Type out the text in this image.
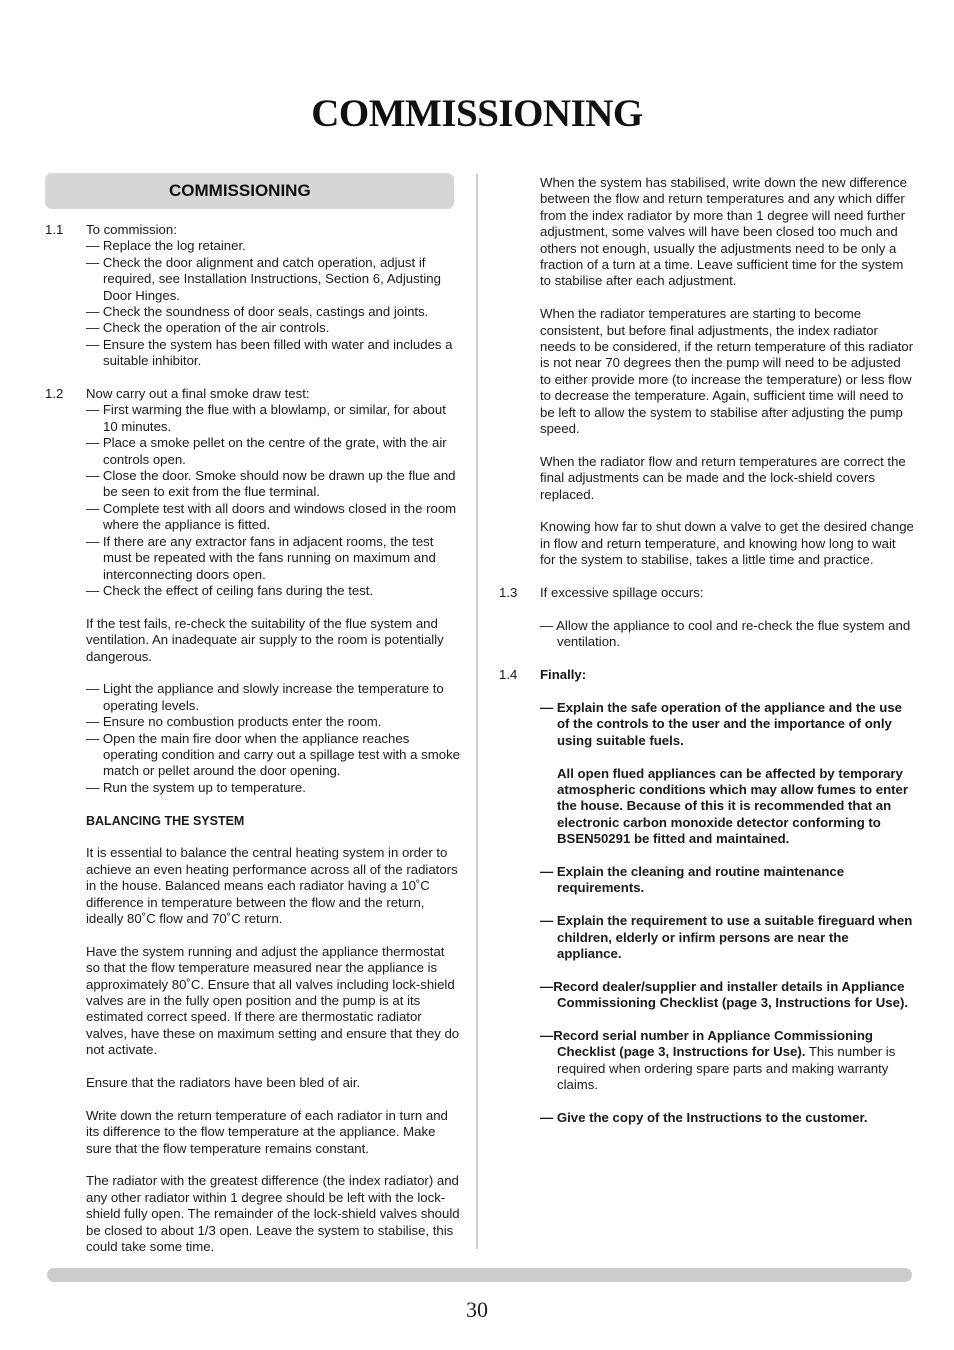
COMMISSIONING
COMMISSIONING
1.1 To commission:

— Replace the log retainer.

— Check the door alignment and catch operation, adjust if required, see Installation Instructions, Section 6, Adjusting Door Hinges.

— Check the soundness of door seals, castings and joints.

— Check the operation of the air controls.

— Ensure the system has been filled with water and includes a suitable inhibitor.

1.2 Now carry out a final smoke draw test:

— First warming the flue with a blowlamp, or similar, for about 10 minutes.

— Place a smoke pellet on the centre of the grate, with the air controls open.

— Close the door. Smoke should now be drawn up the flue and be seen to exit from the flue terminal.

— Complete test with all doors and windows closed in the room where the appliance is fitted.

— If there are any extractor fans in adjacent rooms, the test must be repeated with the fans running on maximum and interconnecting doors open.

— Check the effect of ceiling fans during the test.

If the test fails, re-check the suitability of the flue system and ventilation. An inadequate air supply to the room is potentially dangerous.

— Light the appliance and slowly increase the temperature to operating levels.

— Ensure no combustion products enter the room.

— Open the main fire door when the appliance reaches operating condition and carry out a spillage test with a smoke match or pellet around the door opening.

— Run the system up to temperature.

BALANCING THE SYSTEM

It is essential to balance the central heating system in order to achieve an even heating performance across all of the radiators in the house. Balanced means each radiator having a 10˚C difference in temperature between the flow and the return, ideally 80˚C flow and 70˚C return.

Have the system running and adjust the appliance thermostat so that the flow temperature measured near the appliance is approximately 80˚C. Ensure that all valves including lock-shield valves are in the fully open position and the pump is at its estimated correct speed. If there are thermostatic radiator valves, have these on maximum setting and ensure that they do not activate.

Ensure that the radiators have been bled of air.

Write down the return temperature of each radiator in turn and its difference to the flow temperature at the appliance. Make sure that the flow temperature remains constant.

The radiator with the greatest difference (the index radiator) and any other radiator within 1 degree should be left with the lock-shield fully open. The remainder of the lock-shield valves should be closed to about 1/3 open. Leave the system to stabilise, this could take some time.

When the system has stabilised, write down the new difference between the flow and return temperatures and any which differ from the index radiator by more than 1 degree will need further adjustment, some valves will have been closed too much and others not enough, usually the adjustments need to be only a fraction of a turn at a time. Leave sufficient time for the system to stabilise after each adjustment.

When the radiator temperatures are starting to become consistent, but before final adjustments, the index radiator needs to be considered, if the return temperature of this radiator is not near 70 degrees then the pump will need to be adjusted to either provide more (to increase the temperature) or less flow to decrease the temperature. Again, sufficient time will need to be left to allow the system to stabilise after adjusting the pump speed.

When the radiator flow and return temperatures are correct the final adjustments can be made and the lock-shield covers replaced.

Knowing how far to shut down a valve to get the desired change in flow and return temperature, and knowing how long to wait for the system to stabilise, takes a little time and practice.

1.3 If excessive spillage occurs:

— Allow the appliance to cool and re-check the flue system and ventilation.

1.4 Finally:

— Explain the safe operation of the appliance and the use of the controls to the user and the importance of only using suitable fuels.

All open flued appliances can be affected by temporary atmospheric conditions which may allow fumes to enter the house. Because of this it is recommended that an electronic carbon monoxide detector conforming to BSEN50291 be fitted and maintained.

— Explain the cleaning and routine maintenance requirements.

— Explain the requirement to use a suitable fireguard when children, elderly or infirm persons are near the appliance.

—Record dealer/supplier and installer details in Appliance Commissioning Checklist (page 3, Instructions for Use).

—Record serial number in Appliance Commissioning Checklist (page 3, Instructions for Use). This number is required when ordering spare parts and making warranty claims.

— Give the copy of the Instructions to the customer.

30
